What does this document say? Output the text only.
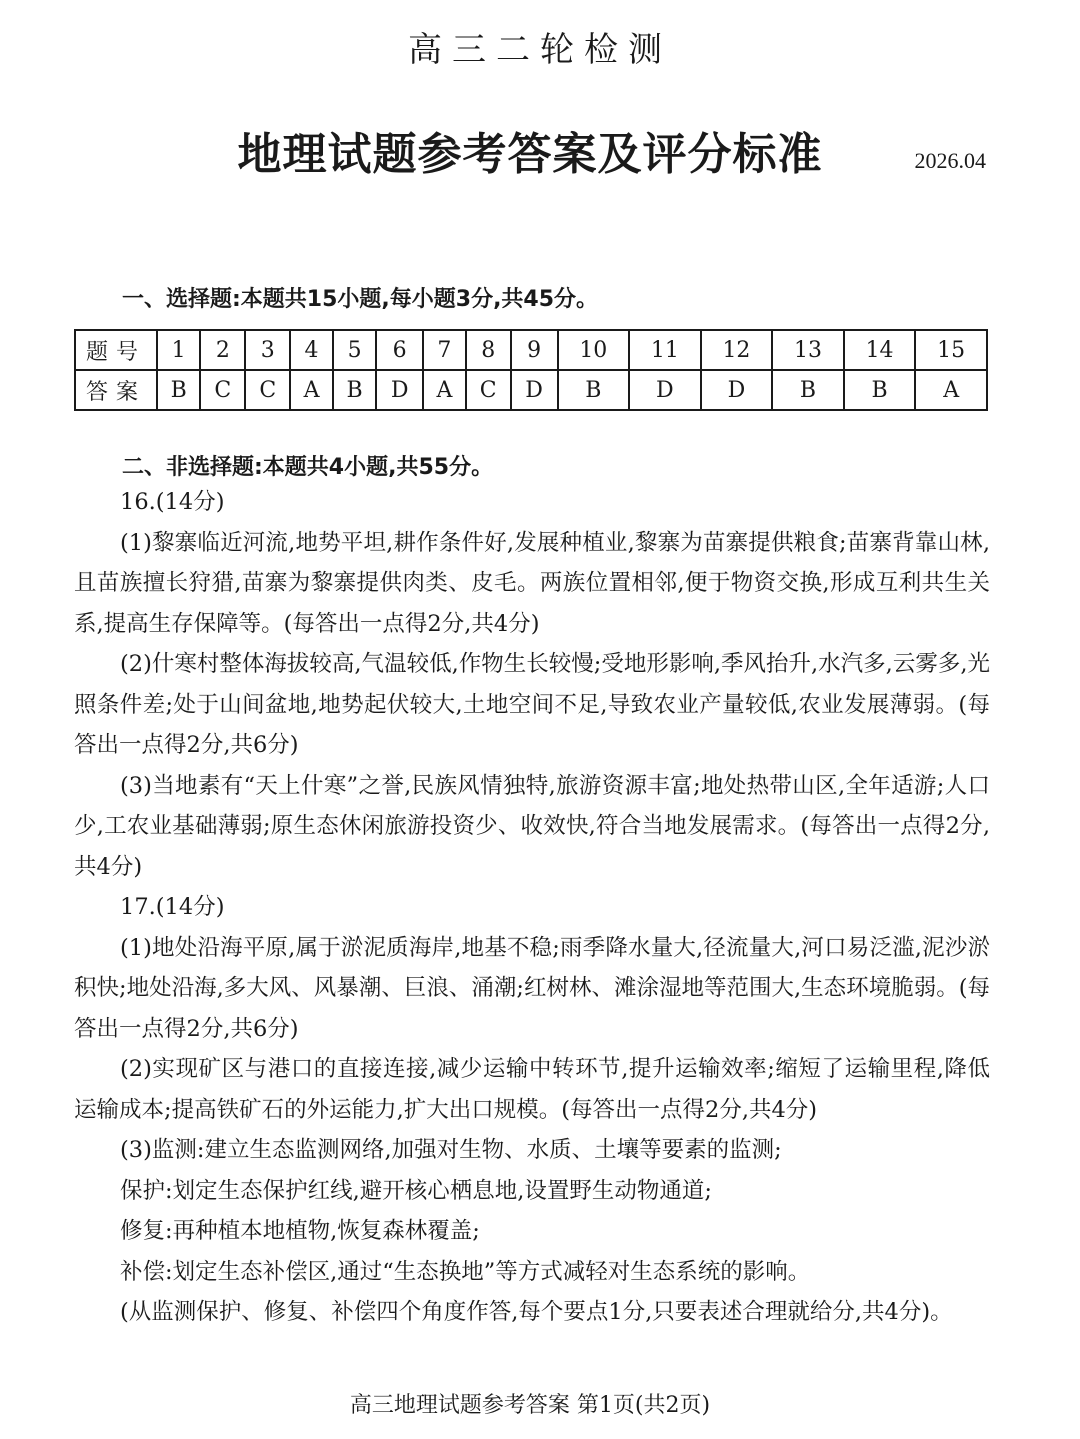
高三二轮检测
地理试题参考答案及评分标准	2026.04
一、选择题:本题共15小题,每小题3分,共45分。
题号	1	2	3	4	5	6	7	8	9	10	11	12	13	14	15
答案	B	C	C	A	B	D	A	C	D	B	D	D	B	B	A
二、非选择题:本题共4小题,共55分。

16.(14分)

(1)黎寨临近河流,地势平坦,耕作条件好,发展种植业,黎寨为苗寨提供粮食;苗寨背靠山林,且苗族擅长狩猎,苗寨为黎寨提供肉类、皮毛。两族位置相邻,便于物资交换,形成互利共生关系,提高生存保障等。(每答出一点得2分,共4分)

(2)什寒村整体海拔较高,气温较低,作物生长较慢;受地形影响,季风抬升,水汽多,云雾多,光照条件差;处于山间盆地,地势起伏较大,土地空间不足,导致农业产量较低,农业发展薄弱。(每答出一点得2分,共6分)

(3)当地素有“天上什寒”之誉,民族风情独特,旅游资源丰富;地处热带山区,全年适游;人口少,工农业基础薄弱;原生态休闲旅游投资少、收效快,符合当地发展需求。(每答出一点得2分,共4分)

17.(14分)

(1)地处沿海平原,属于淤泥质海岸,地基不稳;雨季降水量大,径流量大,河口易泛滥,泥沙淤积快;地处沿海,多大风、风暴潮、巨浪、涌潮;红树林、滩涂湿地等范围大,生态环境脆弱。(每答出一点得2分,共6分)

(2)实现矿区与港口的直接连接,减少运输中转环节,提升运输效率;缩短了运输里程,降低运输成本;提高铁矿石的外运能力,扩大出口规模。(每答出一点得2分,共4分)

(3)监测:建立生态监测网络,加强对生物、水质、土壤等要素的监测;

保护:划定生态保护红线,避开核心栖息地,设置野生动物通道;

修复:再种植本地植物,恢复森林覆盖;

补偿:划定生态补偿区,通过“生态换地”等方式减轻对生态系统的影响。

(从监测保护、修复、补偿四个角度作答,每个要点1分,只要表述合理就给分,共4分)。

高三地理试题参考答案 第1页(共2页)
